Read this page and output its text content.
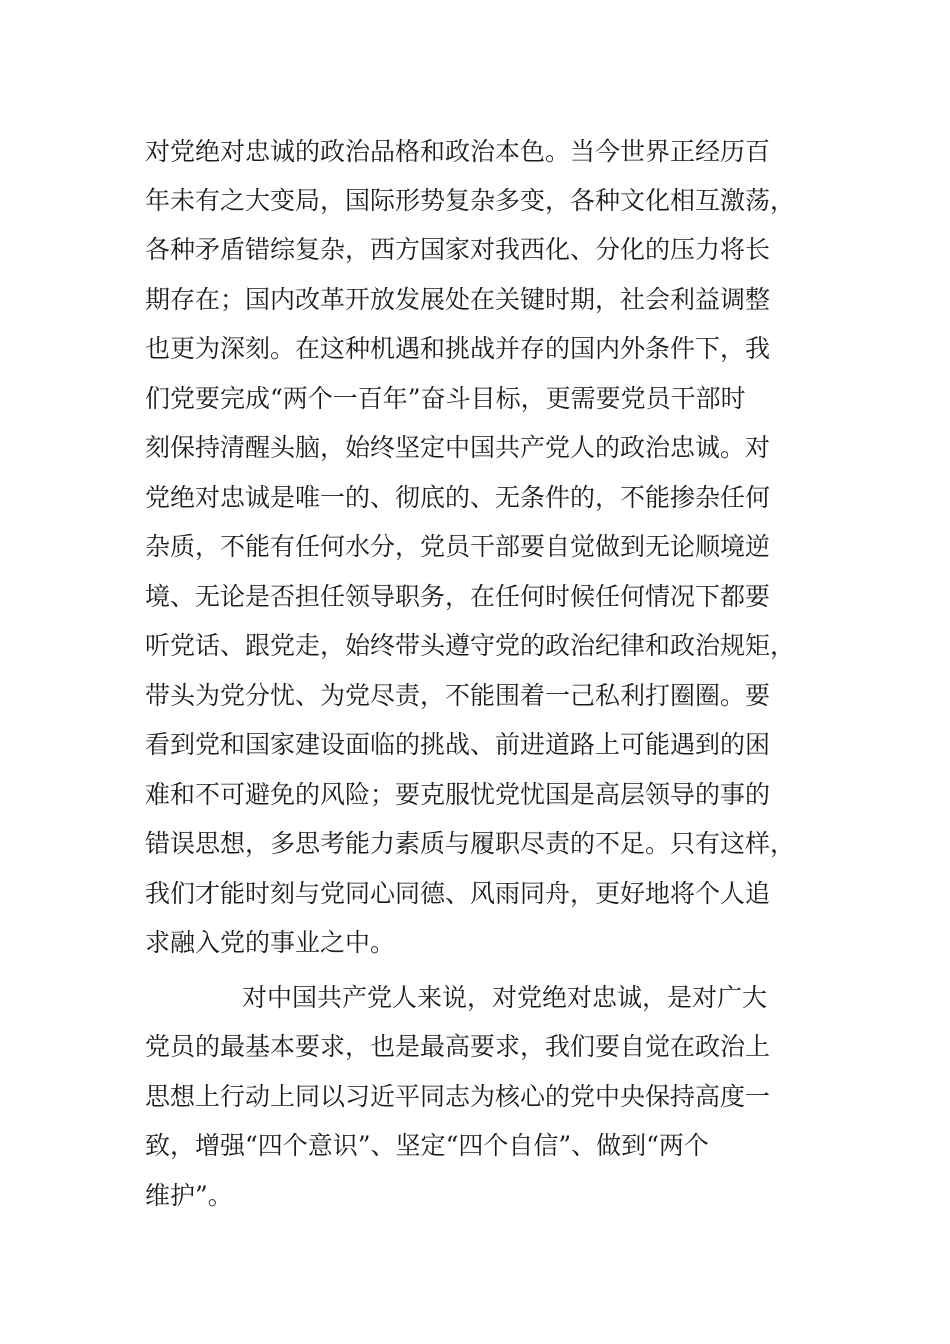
对党绝对忠诚的政治品格和政治本色。当今世界正经历百
年未有之大变局，国际形势复杂多变，各种文化相互激荡，
各种矛盾错综复杂，西方国家对我西化、分化的压力将长
期存在；国内改革开放发展处在关键时期，社会利益调整
也更为深刻。在这种机遇和挑战并存的国内外条件下，我
们党要完成“两个一百年”奋斗目标，更需要党员干部时
刻保持清醒头脑，始终坚定中国共产党人的政治忠诚。对
党绝对忠诚是唯一的、彻底的、无条件的，不能掺杂任何
杂质，不能有任何水分，党员干部要自觉做到无论顺境逆
境、无论是否担任领导职务，在任何时候任何情况下都要
听党话、跟党走，始终带头遵守党的政治纪律和政治规矩，
带头为党分忧、为党尽责，不能围着一己私利打圈圈。要
看到党和国家建设面临的挑战、前进道路上可能遇到的困
难和不可避免的风险；要克服忧党忧国是高层领导的事的
错误思想，多思考能力素质与履职尽责的不足。只有这样，
我们才能时刻与党同心同德、风雨同舟，更好地将个人追
求融入党的事业之中。
对中国共产党人来说，对党绝对忠诚，是对广大
党员的最基本要求，也是最高要求，我们要自觉在政治上
思想上行动上同以习近平同志为核心的党中央保持高度一
致，增强“四个意识”、坚定“四个自信”、做到“两个
维护”。
